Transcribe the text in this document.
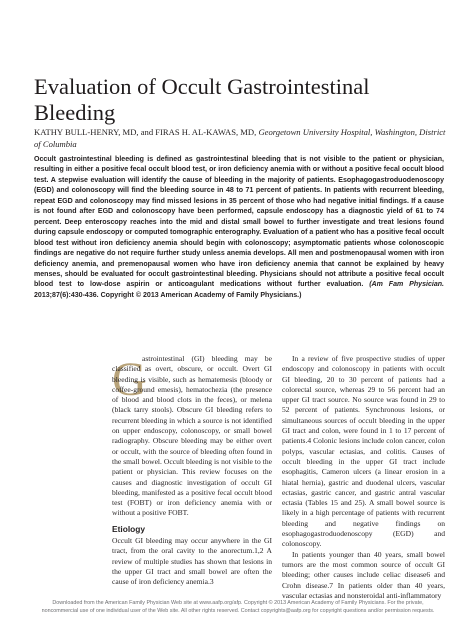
Evaluation of Occult Gastrointestinal Bleeding
KATHY BULL-HENRY, MD, and FIRAS H. AL-KAWAS, MD, Georgetown University Hospital, Washington, District of Columbia

Occult gastrointestinal bleeding is defined as gastrointestinal bleeding that is not visible to the patient or physician, resulting in either a positive fecal occult blood test, or iron deficiency anemia with or without a positive fecal occult blood test. A stepwise evaluation will identify the cause of bleeding in the majority of patients. Esophagogastroduodenoscopy (EGD) and colonoscopy will find the bleeding source in 48 to 71 percent of patients. In patients with recurrent bleeding, repeat EGD and colonoscopy may find missed lesions in 35 percent of those who had negative initial findings. If a cause is not found after EGD and colonoscopy have been performed, capsule endoscopy has a diagnostic yield of 61 to 74 percent. Deep enteroscopy reaches into the mid and distal small bowel to further investigate and treat lesions found during capsule endoscopy or computed tomographic enterography. Evaluation of a patient who has a positive fecal occult blood test without iron deficiency anemia should begin with colonoscopy; asymptomatic patients whose colonoscopic findings are negative do not require further study unless anemia develops. All men and postmenopausal women with iron deficiency anemia, and premenopausal women who have iron deficiency anemia that cannot be explained by heavy menses, should be evaluated for occult gastrointestinal bleeding. Physicians should not attribute a positive fecal occult blood test to low-dose aspirin or anticoagulant medications without further evaluation. (Am Fam Physician. 2013;87(6):430-436. Copyright © 2013 American Academy of Family Physicians.)

G

astrointestinal (GI) bleeding may be classified as overt, obscure, or occult. Overt GI bleeding is visible, such as hematemesis (bloody or coffee-ground emesis), hematochezia (the presence of blood and blood clots in the feces), or melena (black tarry stools). Obscure GI bleeding refers to recurrent bleeding in which a source is not identified on upper endoscopy, colonoscopy, or small bowel radiography. Obscure bleeding may be either overt or occult, with the source of bleeding often found in the small bowel. Occult bleeding is not visible to the patient or physician. This review focuses on the causes and diagnostic investigation of occult GI bleeding, manifested as a positive fecal occult blood test (FOBT) or iron deficiency anemia with or without a positive FOBT.

Etiology

Occult GI bleeding may occur anywhere in the GI tract, from the oral cavity to the anorectum.1,2 A review of multiple studies has shown that lesions in the upper GI tract and small bowel are often the cause of iron deficiency anemia.3

In a review of five prospective studies of upper endoscopy and colonoscopy in patients with occult GI bleeding, 20 to 30 percent of patients had a colorectal source, whereas 29 to 56 percent had an upper GI tract source. No source was found in 29 to 52 percent of patients. Synchronous lesions, or simultaneous sources of occult bleeding in the upper GI tract and colon, were found in 1 to 17 percent of patients.4 Colonic lesions include colon cancer, colon polyps, vascular ectasias, and colitis. Causes of occult bleeding in the upper GI tract include esophagitis, Cameron ulcers (a linear erosion in a hiatal hernia), gastric and duodenal ulcers, vascular ectasias, gastric cancer, and gastric antral vascular ectasia (Tables 15 and 25). A small bowel source is likely in a high percentage of patients with recurrent bleeding and negative findings on esophagogastroduodenoscopy (EGD) and colonoscopy.

In patients younger than 40 years, small bowel tumors are the most common source of occult GI bleeding; other causes include celiac disease6 and Crohn disease.7 In patients older than 40 years, vascular ectasias and nonsteroidal anti-inflammatory

Downloaded from the American Family Physician Web site at www.aafp.org/afp. Copyright © 2013 American Academy of Family Physicians. For the private, noncommercial use of one individual user of the Web site. All other rights reserved. Contact copyrights@aafp.org for copyright questions and/or permission requests.
